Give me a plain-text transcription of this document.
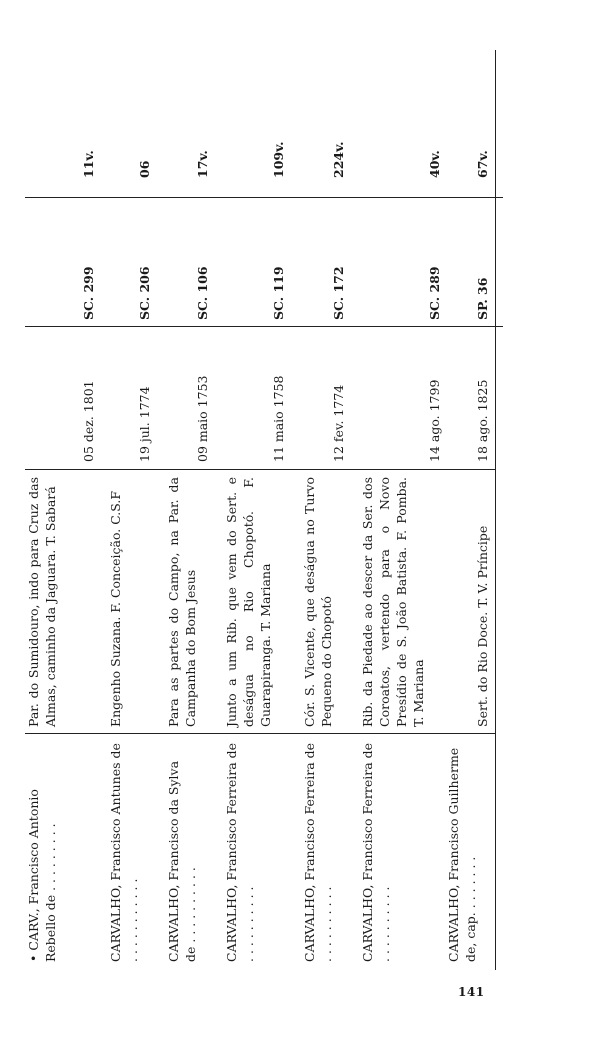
• CARV., Francisco Antonio Rebello de . . . . . . . . .
Par. do Sumidouro, indo para Cruz das Almas, caminho da Jaguara. T. Sabará
05 dez. 1801
SC. 299
11v.
CARVALHO, Francisco Antunes de . . . . . . . . . . .
Engenho Suzana. F. Conceição. C.S.F
19 jul. 1774
SC. 206
06
CARVALHO, Francisco da Sylva de . . . . . . . . . .
Para as partes do Campo, na Par. da Campanha do Bom Jesus
09 maio 1753
SC. 106
17v.
CARVALHO, Francisco Ferreira de . . . . . . . . . .
Junto a um Rib. que vem do Sert. e deságua no Rio Chopotó. F. Guarapiranga. T. Mariana
11 maio 1758
SC. 119
109v.
CARVALHO, Francisco Ferreira de . . . . . . . . . .
Cór. S. Vicente, que deságua no Turvo Pequeno do Chopotó
12 fev. 1774
SC. 172
224v.
CARVALHO, Francisco Ferreira de . . . . . . . . . .
Rib. da Piedade ao descer da Ser. dos Coroatos, vertendo para o Novo Presídio de S. João Batista. F. Pomba. T. Mariana
14 ago. 1799
SC. 289
40v.
CARVALHO, Francisco Guilherme de, cap. . . . . . . .
Sert. do Rio Doce. T. V. Príncipe
18 ago. 1825
SP. 36
67v.
141
